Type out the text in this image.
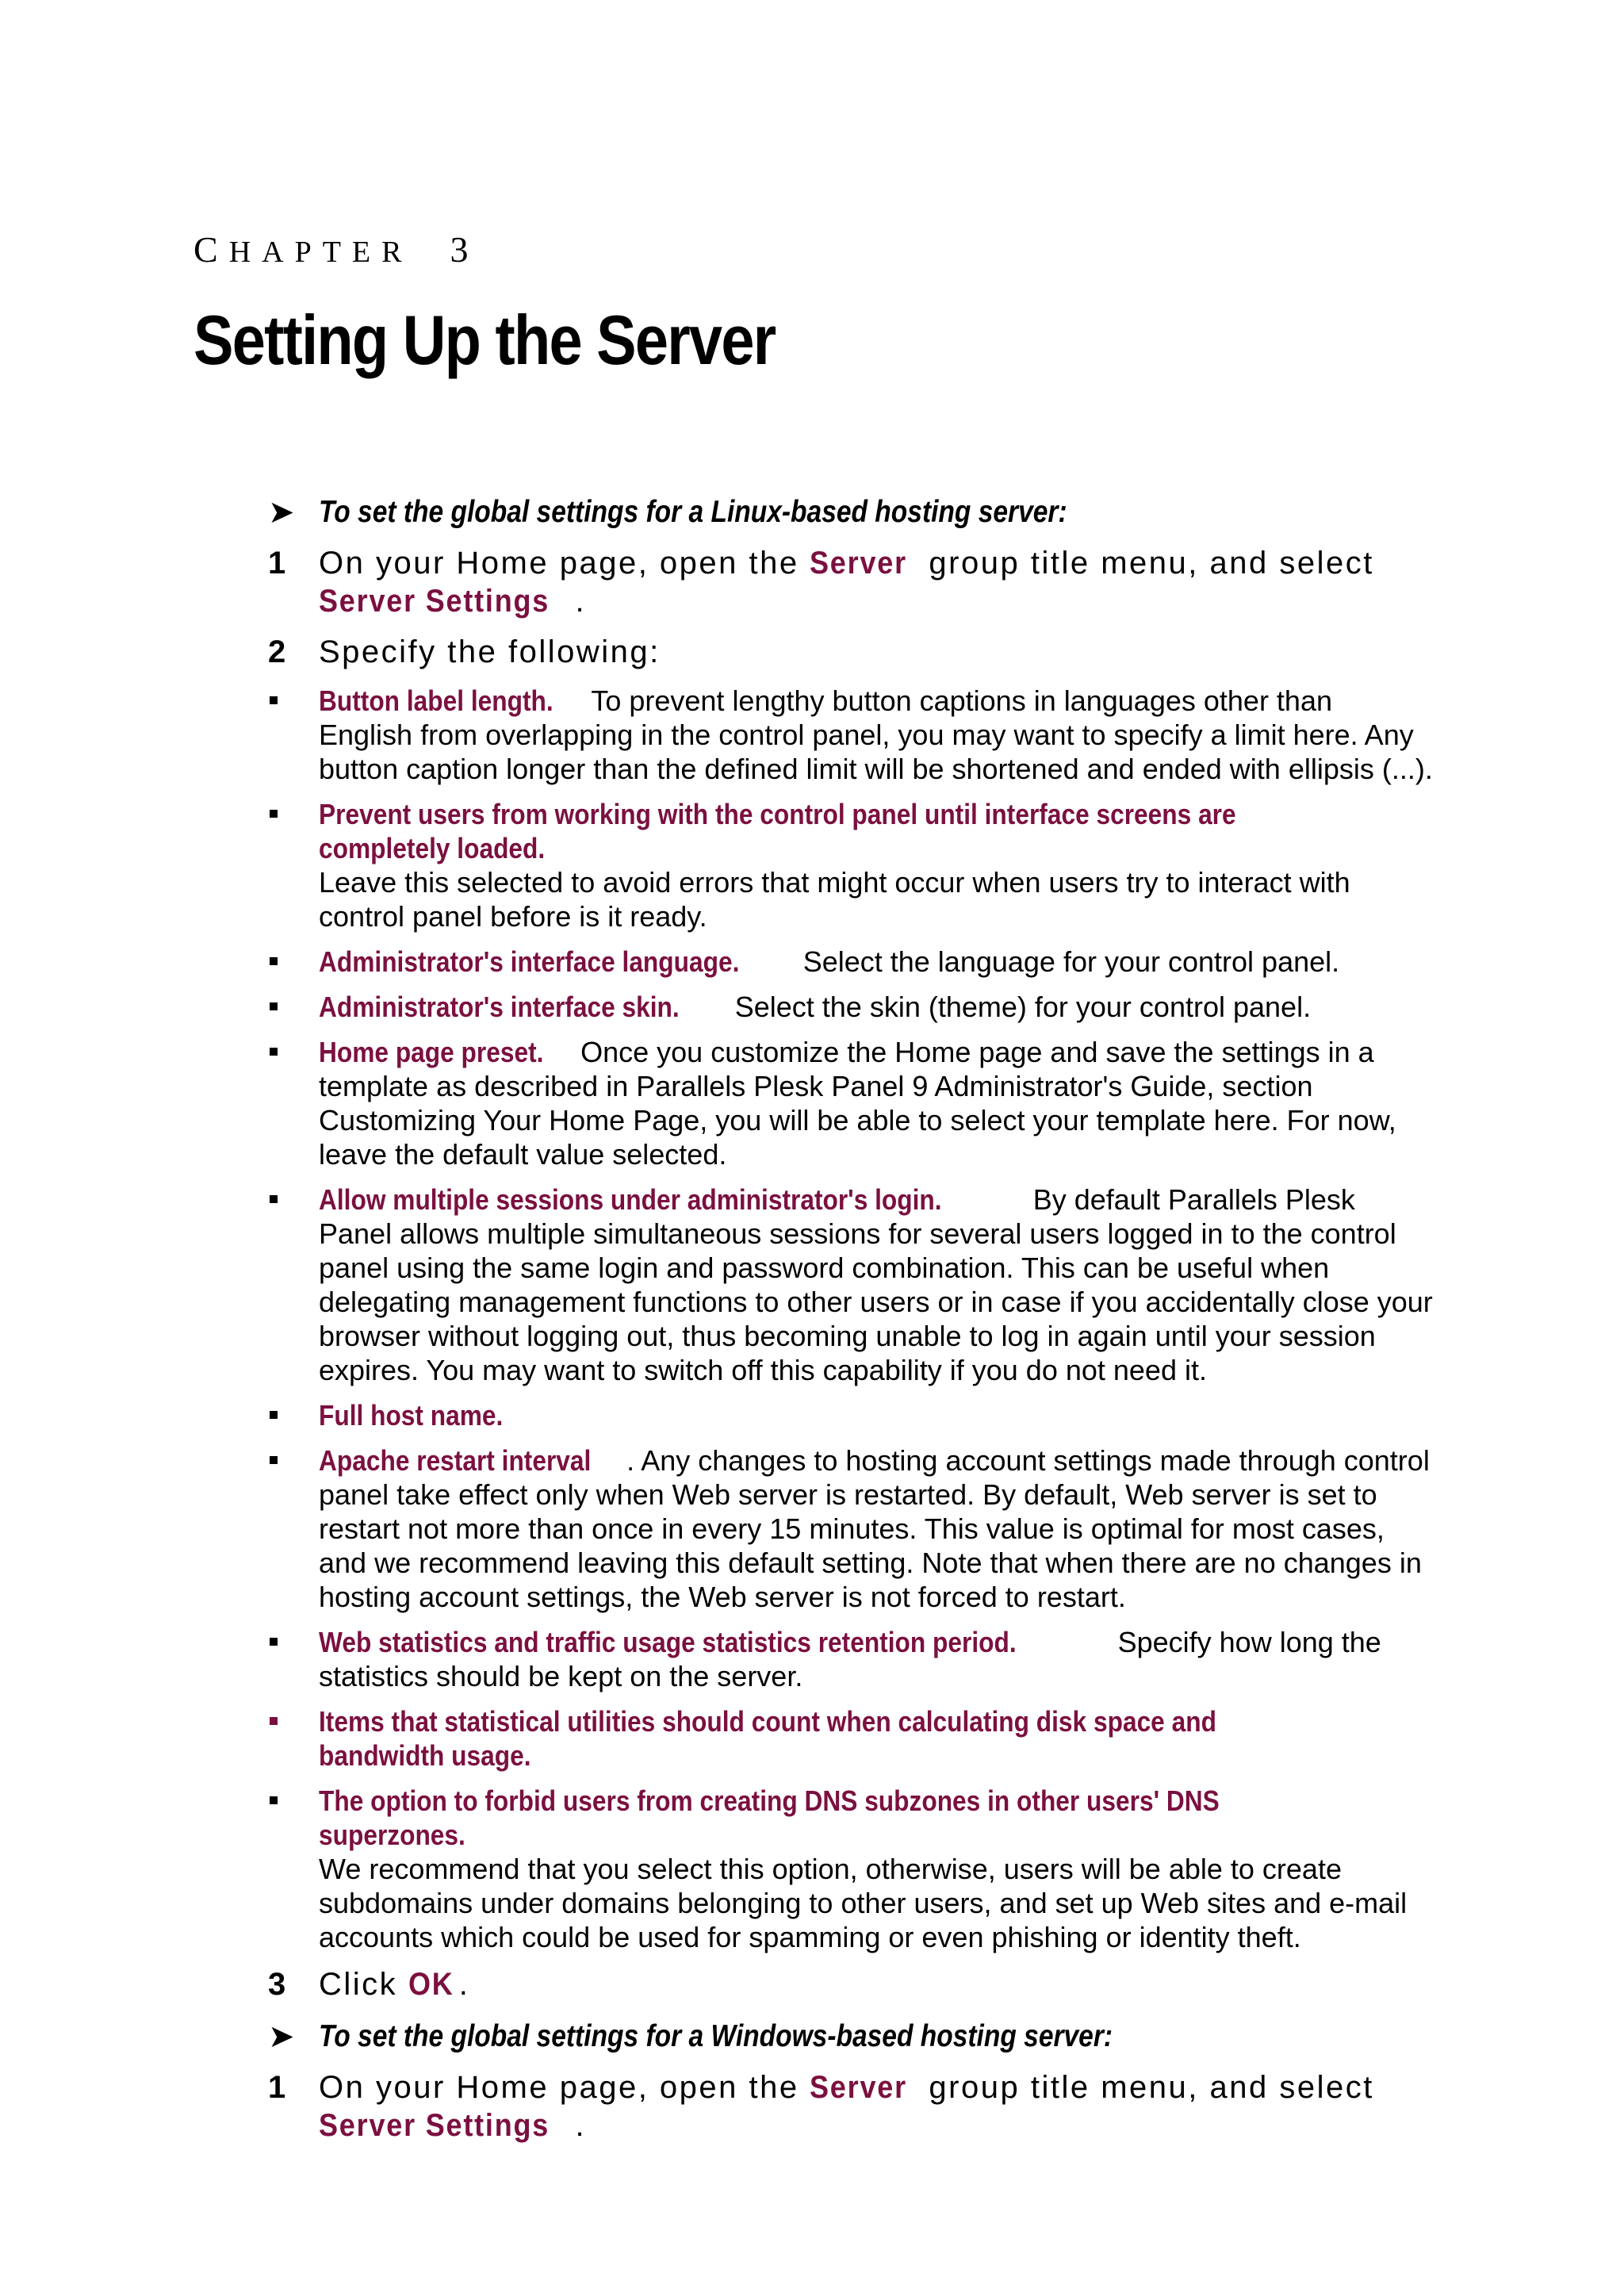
CHAPTER 3
Setting Up the Server
➤ To set the global settings for a Linux-based hosting server:
1 On your Home page, open the Server group title menu, and select Server Settings .
2 Specify the following:
Button label length. To prevent lengthy button captions in languages other than English from overlapping in the control panel, you may want to specify a limit here. Any button caption longer than the defined limit will be shortened and ended with ellipsis (...).
Prevent users from working with the control panel until interface screens are completely loaded. Leave this selected to avoid errors that might occur when users try to interact with control panel before is it ready.
Administrator's interface language. Select the language for your control panel.
Administrator's interface skin. Select the skin (theme) for your control panel.
Home page preset. Once you customize the Home page and save the settings in a template as described in Parallels Plesk Panel 9 Administrator's Guide, section Customizing Your Home Page, you will be able to select your template here. For now, leave the default value selected.
Allow multiple sessions under administrator's login.	By default Parallels Plesk Panel allows multiple simultaneous sessions for several users logged in to the control panel using the same login and password combination. This can be useful when delegating management functions to other users or in case if you accidentally close your browser without logging out, thus becoming unable to log in again until your session expires. You may want to switch off this capability if you do not need it.
Full host name.
Apache restart interval . Any changes to hosting account settings made through control panel take effect only when Web server is restarted. By default, Web server is set to restart not more than once in every 15 minutes. This value is optimal for most cases, and we recommend leaving this default setting. Note that when there are no changes in hosting account settings, the Web server is not forced to restart.
Web statistics and traffic usage statistics retention period.	Specify how long the statistics should be kept on the server.
Items that statistical utilities should count when calculating disk space and bandwidth usage.
The option to forbid users from creating DNS subzones in other users' DNS superzones. We recommend that you select this option, otherwise, users will be able to create subdomains under domains belonging to other users, and set up Web sites and e-mail accounts which could be used for spamming or even phishing or identity theft.
3 Click OK .
➤ To set the global settings for a Windows-based hosting server:
1 On your Home page, open the Server group title menu, and select Server Settings .
